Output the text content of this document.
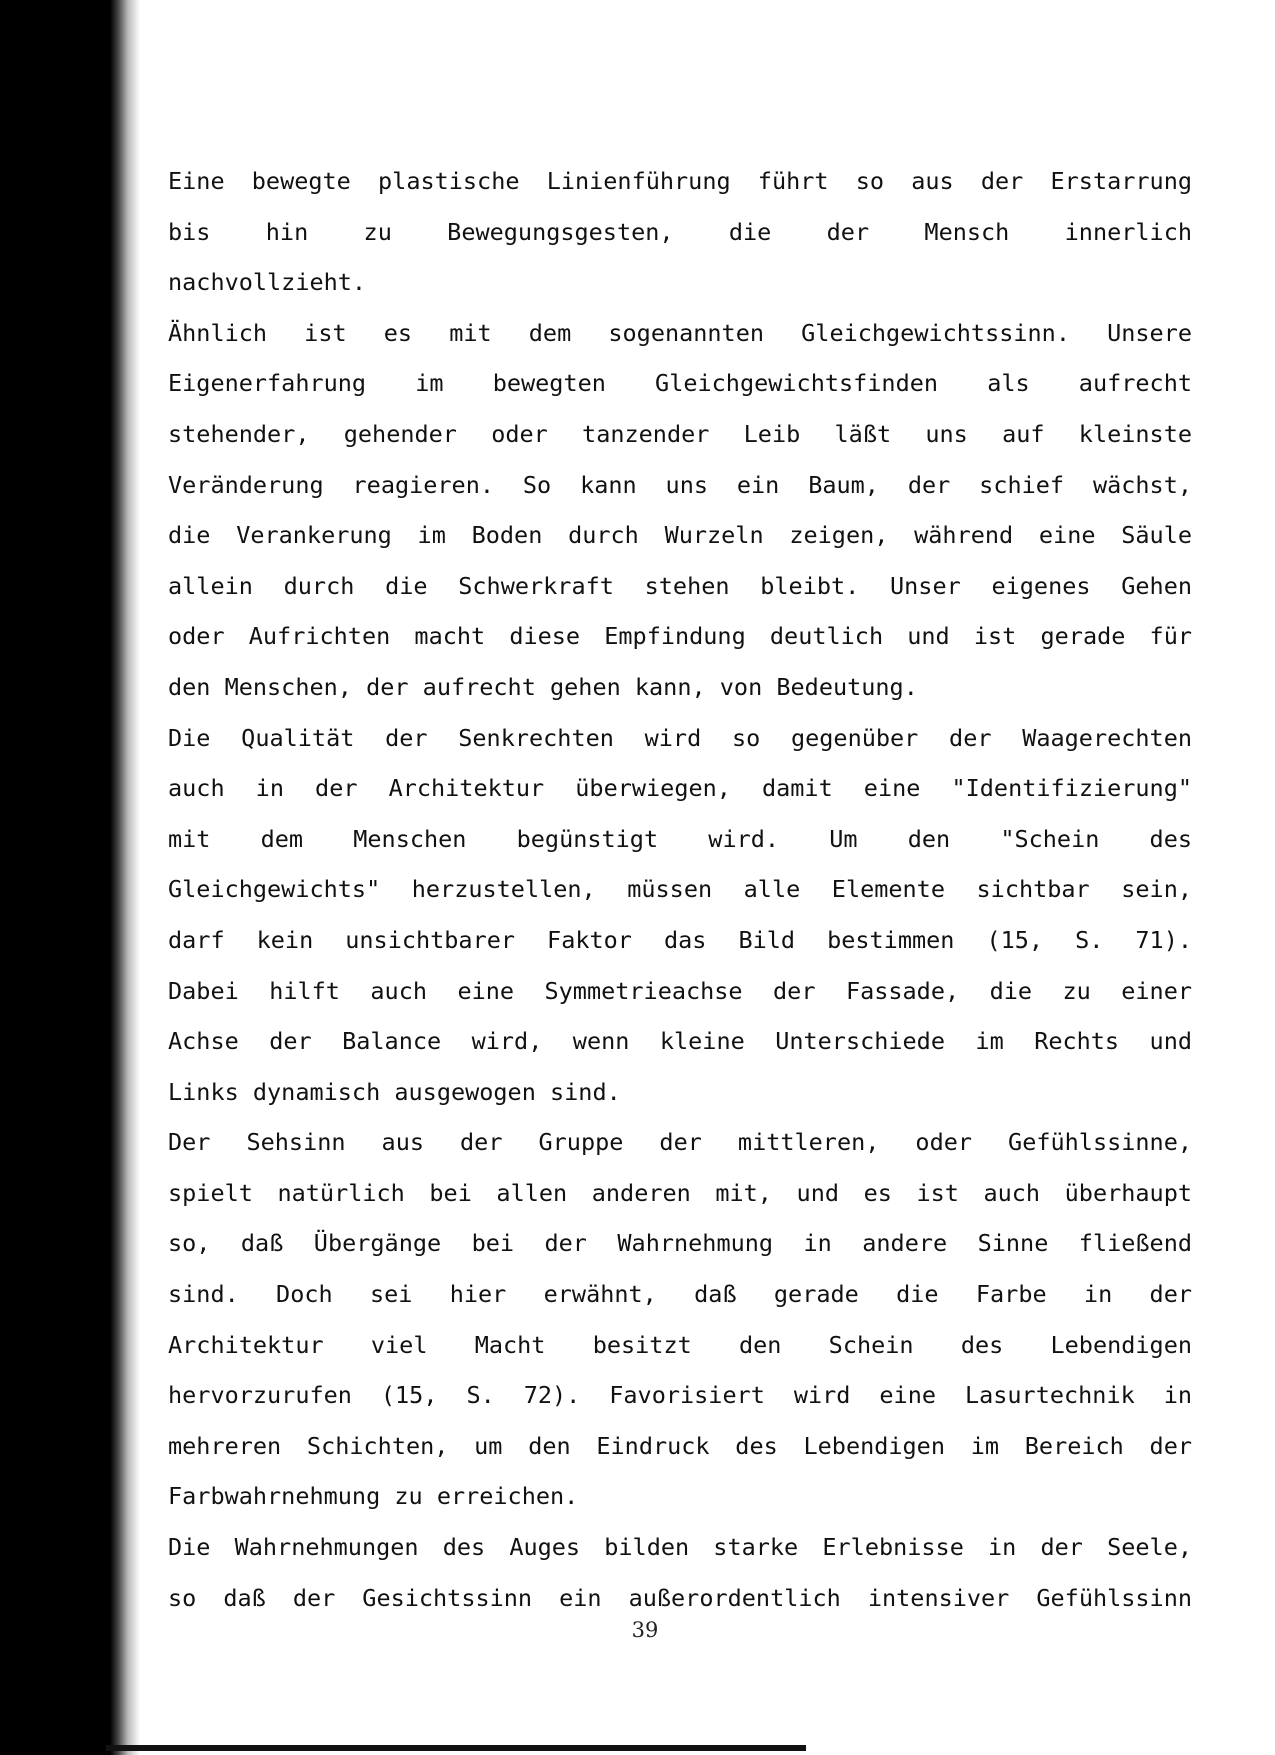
Eine bewegte plastische Linienführung führt so aus der Erstarrung
bis hin zu Bewegungsgesten, die der Mensch innerlich
nachvollzieht.
Ähnlich ist es mit dem sogenannten Gleichgewichtssinn. Unsere
Eigenerfahrung im bewegten Gleichgewichtsfinden als aufrecht
stehender, gehender oder tanzender Leib läßt uns auf kleinste
Veränderung reagieren. So kann uns ein Baum, der schief wächst,
die Verankerung im Boden durch Wurzeln zeigen, während eine Säule
allein durch die Schwerkraft stehen bleibt. Unser eigenes Gehen
oder Aufrichten macht diese Empfindung deutlich und ist gerade für
den Menschen, der aufrecht gehen kann, von Bedeutung.
Die Qualität der Senkrechten wird so gegenüber der Waagerechten
auch in der Architektur überwiegen, damit eine "Identifizierung"
mit dem Menschen begünstigt wird. Um den "Schein des
Gleichgewichts" herzustellen, müssen alle Elemente sichtbar sein,
darf kein unsichtbarer Faktor das Bild bestimmen (15, S. 71).
Dabei hilft auch eine Symmetrieachse der Fassade, die zu einer
Achse der Balance wird, wenn kleine Unterschiede im Rechts und
Links dynamisch ausgewogen sind.
Der Sehsinn aus der Gruppe der mittleren, oder Gefühlssinne,
spielt natürlich bei allen anderen mit, und es ist auch überhaupt
so, daß Übergänge bei der Wahrnehmung in andere Sinne fließend
sind. Doch sei hier erwähnt, daß gerade die Farbe in der
Architektur viel Macht besitzt den Schein des Lebendigen
hervorzurufen (15, S. 72). Favorisiert wird eine Lasurtechnik in
mehreren Schichten, um den Eindruck des Lebendigen im Bereich der
Farbwahrnehmung zu erreichen.
Die Wahrnehmungen des Auges bilden starke Erlebnisse in der Seele,
so daß der Gesichtssinn ein außerordentlich intensiver Gefühlssinn
39
